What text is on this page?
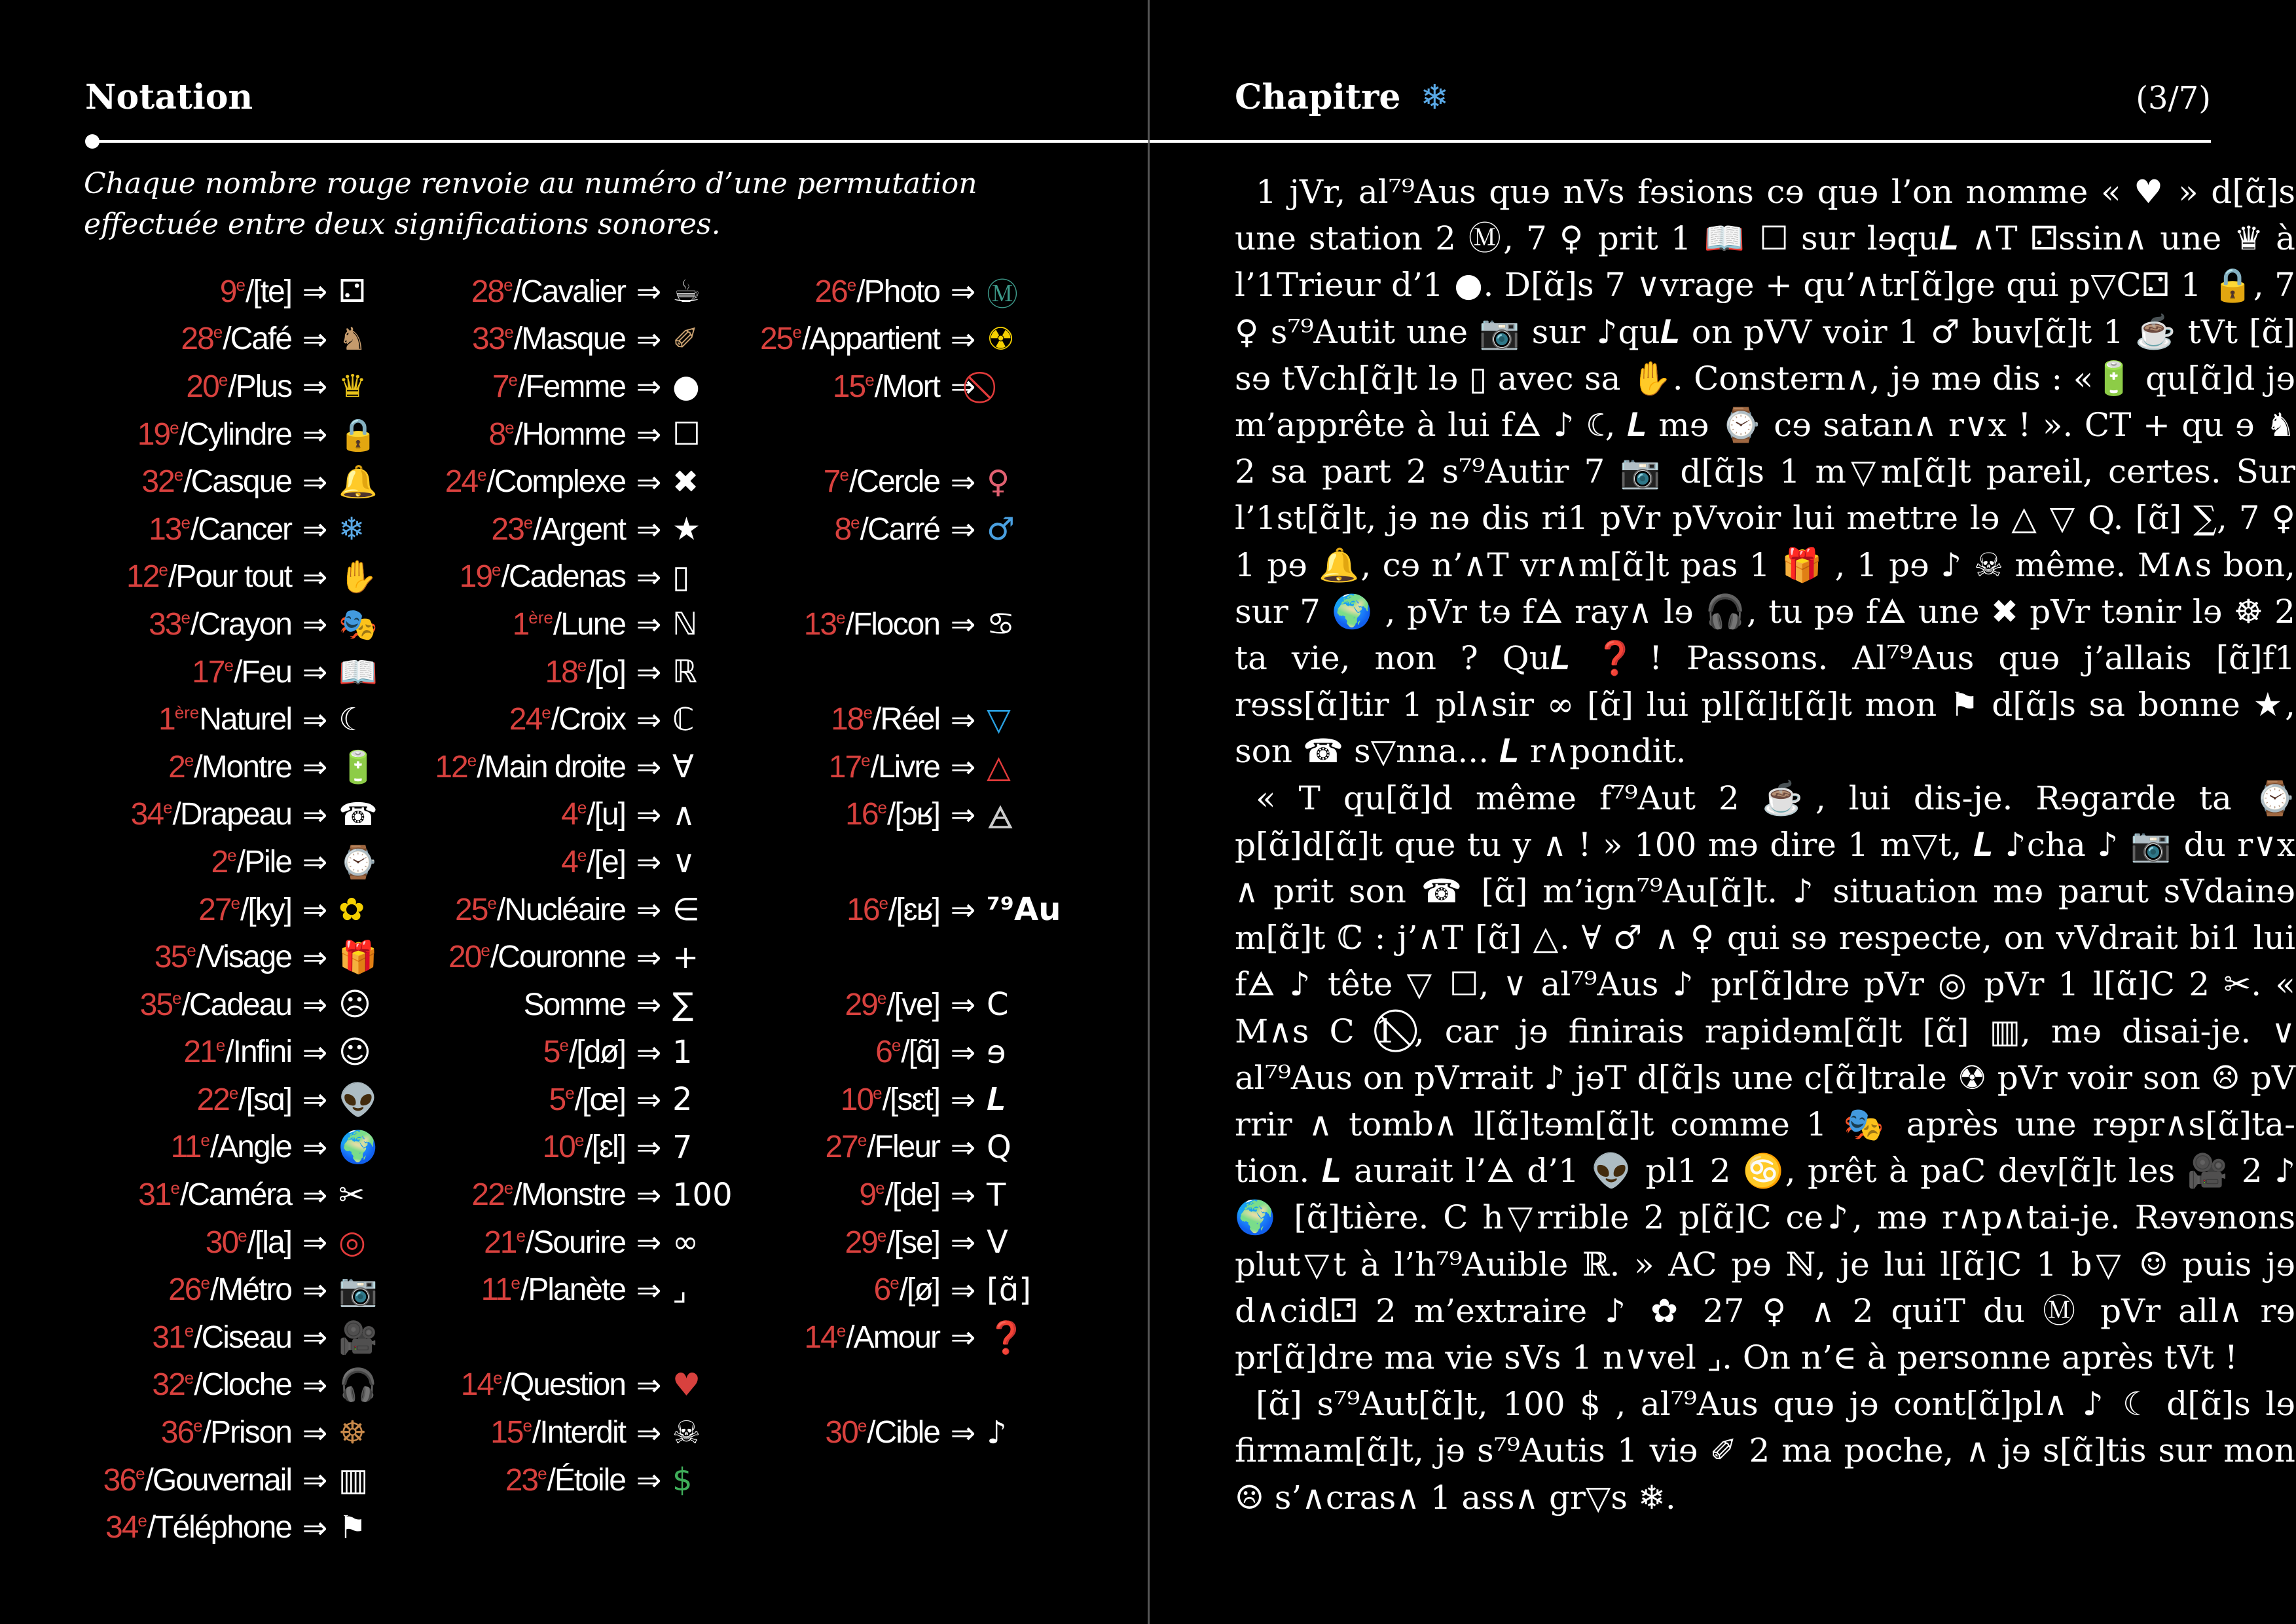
Notation
Chaque nombre rouge renvoie au numéro d’une permutation effectuée entre deux significations sonores.
9e/[te] ⇒ ⚁
28e/Café ⇒ ♞
20e/Plus ⇒ ♛
19e/Cylindre ⇒ 🔒
32e/Casque ⇒ 🔔
13e/Cancer ⇒ ❄
12e/Pour tout ⇒ ✋
33e/Crayon ⇒ 🎭
17e/Feu ⇒ 📖
1èreNaturel ⇒ ☾
2e/Montre ⇒ 🔋
34e/Drapeau ⇒ ☎
2e/Pile ⇒ ⌚
27e/[ky] ⇒ ✿
35e/Visage ⇒ 🎁
35e/Cadeau ⇒ ☹
21e/Infini ⇒ ☺
22e/[sɑ] ⇒ 👽
11e/Angle ⇒ 🌍
31e/Caméra ⇒ ✂
30e/[la] ⇒ ◎
26e/Métro ⇒ 📷
31e/Ciseau ⇒ 🎥
32e/Cloche ⇒ 🎧
36e/Prison ⇒ ☸
36e/Gouvernail ⇒ ▥
34e/Téléphone ⇒ ⚑
28e/Cavalier ⇒ ☕
33e/Masque ⇒ ✐
7e/Femme ⇒ ●
8e/Homme ⇒ ☐
24e/Complexe ⇒ ✖
23e/Argent ⇒ ★
19e/Cadenas ⇒ ▯
1ère/Lune ⇒ ℕ
18e/[o] ⇒ ℝ
24e/Croix ⇒ ℂ
12e/Main droite ⇒ ∀
4e/[u] ⇒ ∧
4e/[e] ⇒ ∨
25e/Nucléaire ⇒ ∈
20e/Couronne ⇒ +
Somme ⇒ ∑
5e/[dø] ⇒ 1
5e/[œ] ⇒ 2
10e/[ɛl] ⇒ 7
22e/Monstre ⇒ 100
21e/Sourire ⇒ ∞
11e/Planète ⇒ ⌟
14e/Question ⇒ ♥
15e/Interdit ⇒ ☠
23e/Étoile ⇒ $
26e/Photo ⇒ Ⓜ
25e/Appartient ⇒ ☢
15e/Mort ⇒
7e/Cercle ⇒ ♀
8e/Carré ⇒ ♂
13e/Flocon ⇒ ♋
18e/Réel ⇒ ▽
17e/Livre ⇒ △
16e/[ɔʁ] ⇒ 🜁
16e/[ɛʁ] ⇒ ⁷⁹Au
29e/[ve] ⇒ C
6e/[ɑ̃] ⇒ ɘ
10e/[sɛt] ⇒ 𝑳
27e/Fleur ⇒ Q
9e/[de] ⇒ T
29e/[se] ⇒ V
6e/[ø] ⇒ [ɑ̃]
14e/Amour ⇒ ❓
30e/Cible ⇒ ♪
Chapitre ❄	(3/7)

1 jVr, al⁷⁹Aus quɘ nVs fɘsions cɘ quɘ l’on nomme « ♥ » d[ɑ̃]s une station 2 Ⓜ, 7 ♀ prit 1 📖 ☐ sur lɘqu𝑳 ∧T ⚁ssin∧ une ♛ à l’1Trieur d’1 ●. D[ɑ̃]s 7 ∨vrage + qu’∧tr[ɑ̃]ge qui p▽C⚁ 1 🔒, 7 ♀ s⁷⁹Autit une 📷 sur ♪qu𝑳 on pVV voir 1 ♂ buv[ɑ̃]t 1 ☕ tVt [ɑ̃] sɘ tVch[ɑ̃]t lɘ ▯ avec sa ✋. Constern∧, jɘ mɘ dis : «🔋 qu[ɑ̃]d jɘ m’apprête à lui f🜁 ♪ ☾, 𝑳 mɘ ⌚ cɘ satan∧ r∨x ! ». CT + qu ɘ ♞ 2 sa part 2 s⁷⁹Autir 7 📷 d[ɑ̃]s 1 m▽m[ɑ̃]t pareil, certes. Sur l’1st[ɑ̃]t, jɘ nɘ dis ri1 pVr pVvoir lui mettre lɘ △ ▽ Q. [ɑ̃] ∑, 7 ♀ 1 pɘ 🔔, cɘ n’∧T vr∧m[ɑ̃]t pas 1 🎁 , 1 pɘ ♪ ☠ même. M∧s bon, sur 7 🌍 , pVr tɘ f🜁 ray∧ lɘ 🎧, tu pɘ f🜁 une ✖ pVr tɘnir lɘ ☸ 2 ta vie, non ? Qu𝑳 ❓! Passons. Al⁷⁹Aus quɘ j’allais [ɑ̃]f1 rɘss[ɑ̃]tir 1 pl∧sir ∞ [ɑ̃] lui pl[ɑ̃]t[ɑ̃]t mon ⚑ d[ɑ̃]s sa bonne ★, son ☎ s▽nna... 𝑳 r∧pondit.

« T qu[ɑ̃]d même f⁷⁹Aut 2 ☕, lui dis-je. Rɘgarde ta ⌚ p[ɑ̃]d[ɑ̃]t que tu y ∧ ! » 100 mɘ dire 1 m▽t, 𝑳 ♪cha ♪ 📷 du r∨x ∧ prit son ☎ [ɑ̃] m’ign⁷⁹Au[ɑ̃]t. ♪ situation mɘ parut sVdainɘ m[ɑ̃]t ℂ : j’∧T [ɑ̃] △. ∀ ♂ ∧ ♀ qui sɘ respecte, on vVdrait bi1 lui f🜁 ♪ tête ▽ ☐, ∨ al⁷⁹Aus ♪ pr[ɑ̃]dre pVr ◎ pVr 1 l[ɑ̃]C 2 ✂. « M∧s C 1 ⃠, car jɘ finirais rapidɘm[ɑ̃]t [ɑ̃] ▥, mɘ disai-je. ∨ al⁷⁹Aus on pVrrait ♪ jɘT d[ɑ̃]s une c[ɑ̃]trale ☢ pVr voir son ☹ pV rrir ∧ tomb∧ l[ɑ̃]tɘm[ɑ̃]t comme 1 🎭 après une rɘpr∧s[ɑ̃]ta- tion. 𝑳 aurait l’🜁 d’1 👽 pl1 2 ♋, prêt à paC dev[ɑ̃]t les 🎥 2 ♪ 🌍 [ɑ̃]tière. C h▽rrible 2 p[ɑ̃]C ce♪, mɘ r∧p∧tai-je. Rɘvɘnons plut▽t à l’h⁷⁹Auible ℝ. » AC pɘ ℕ, je lui l[ɑ̃]C 1 b▽ ☺ puis jɘ d∧cid⚁ 2 m’extraire ♪ ✿ 27 ♀ ∧ 2 quiT du Ⓜ pVr all∧ rɘ pr[ɑ̃]dre ma vie sVs 1 n∨vel ⌟. On n’∈ à personne après tVt !

[ɑ̃] s⁷⁹Aut[ɑ̃]t, 100 $ , al⁷⁹Aus quɘ jɘ cont[ɑ̃]pl∧ ♪ ☾ d[ɑ̃]s lɘ firmam[ɑ̃]t, jɘ s⁷⁹Autis 1 viɘ ✐ 2 ma poche, ∧ jɘ s[ɑ̃]tis sur mon ☹ s’∧cras∧ 1 ass∧ gr▽s ❄.
